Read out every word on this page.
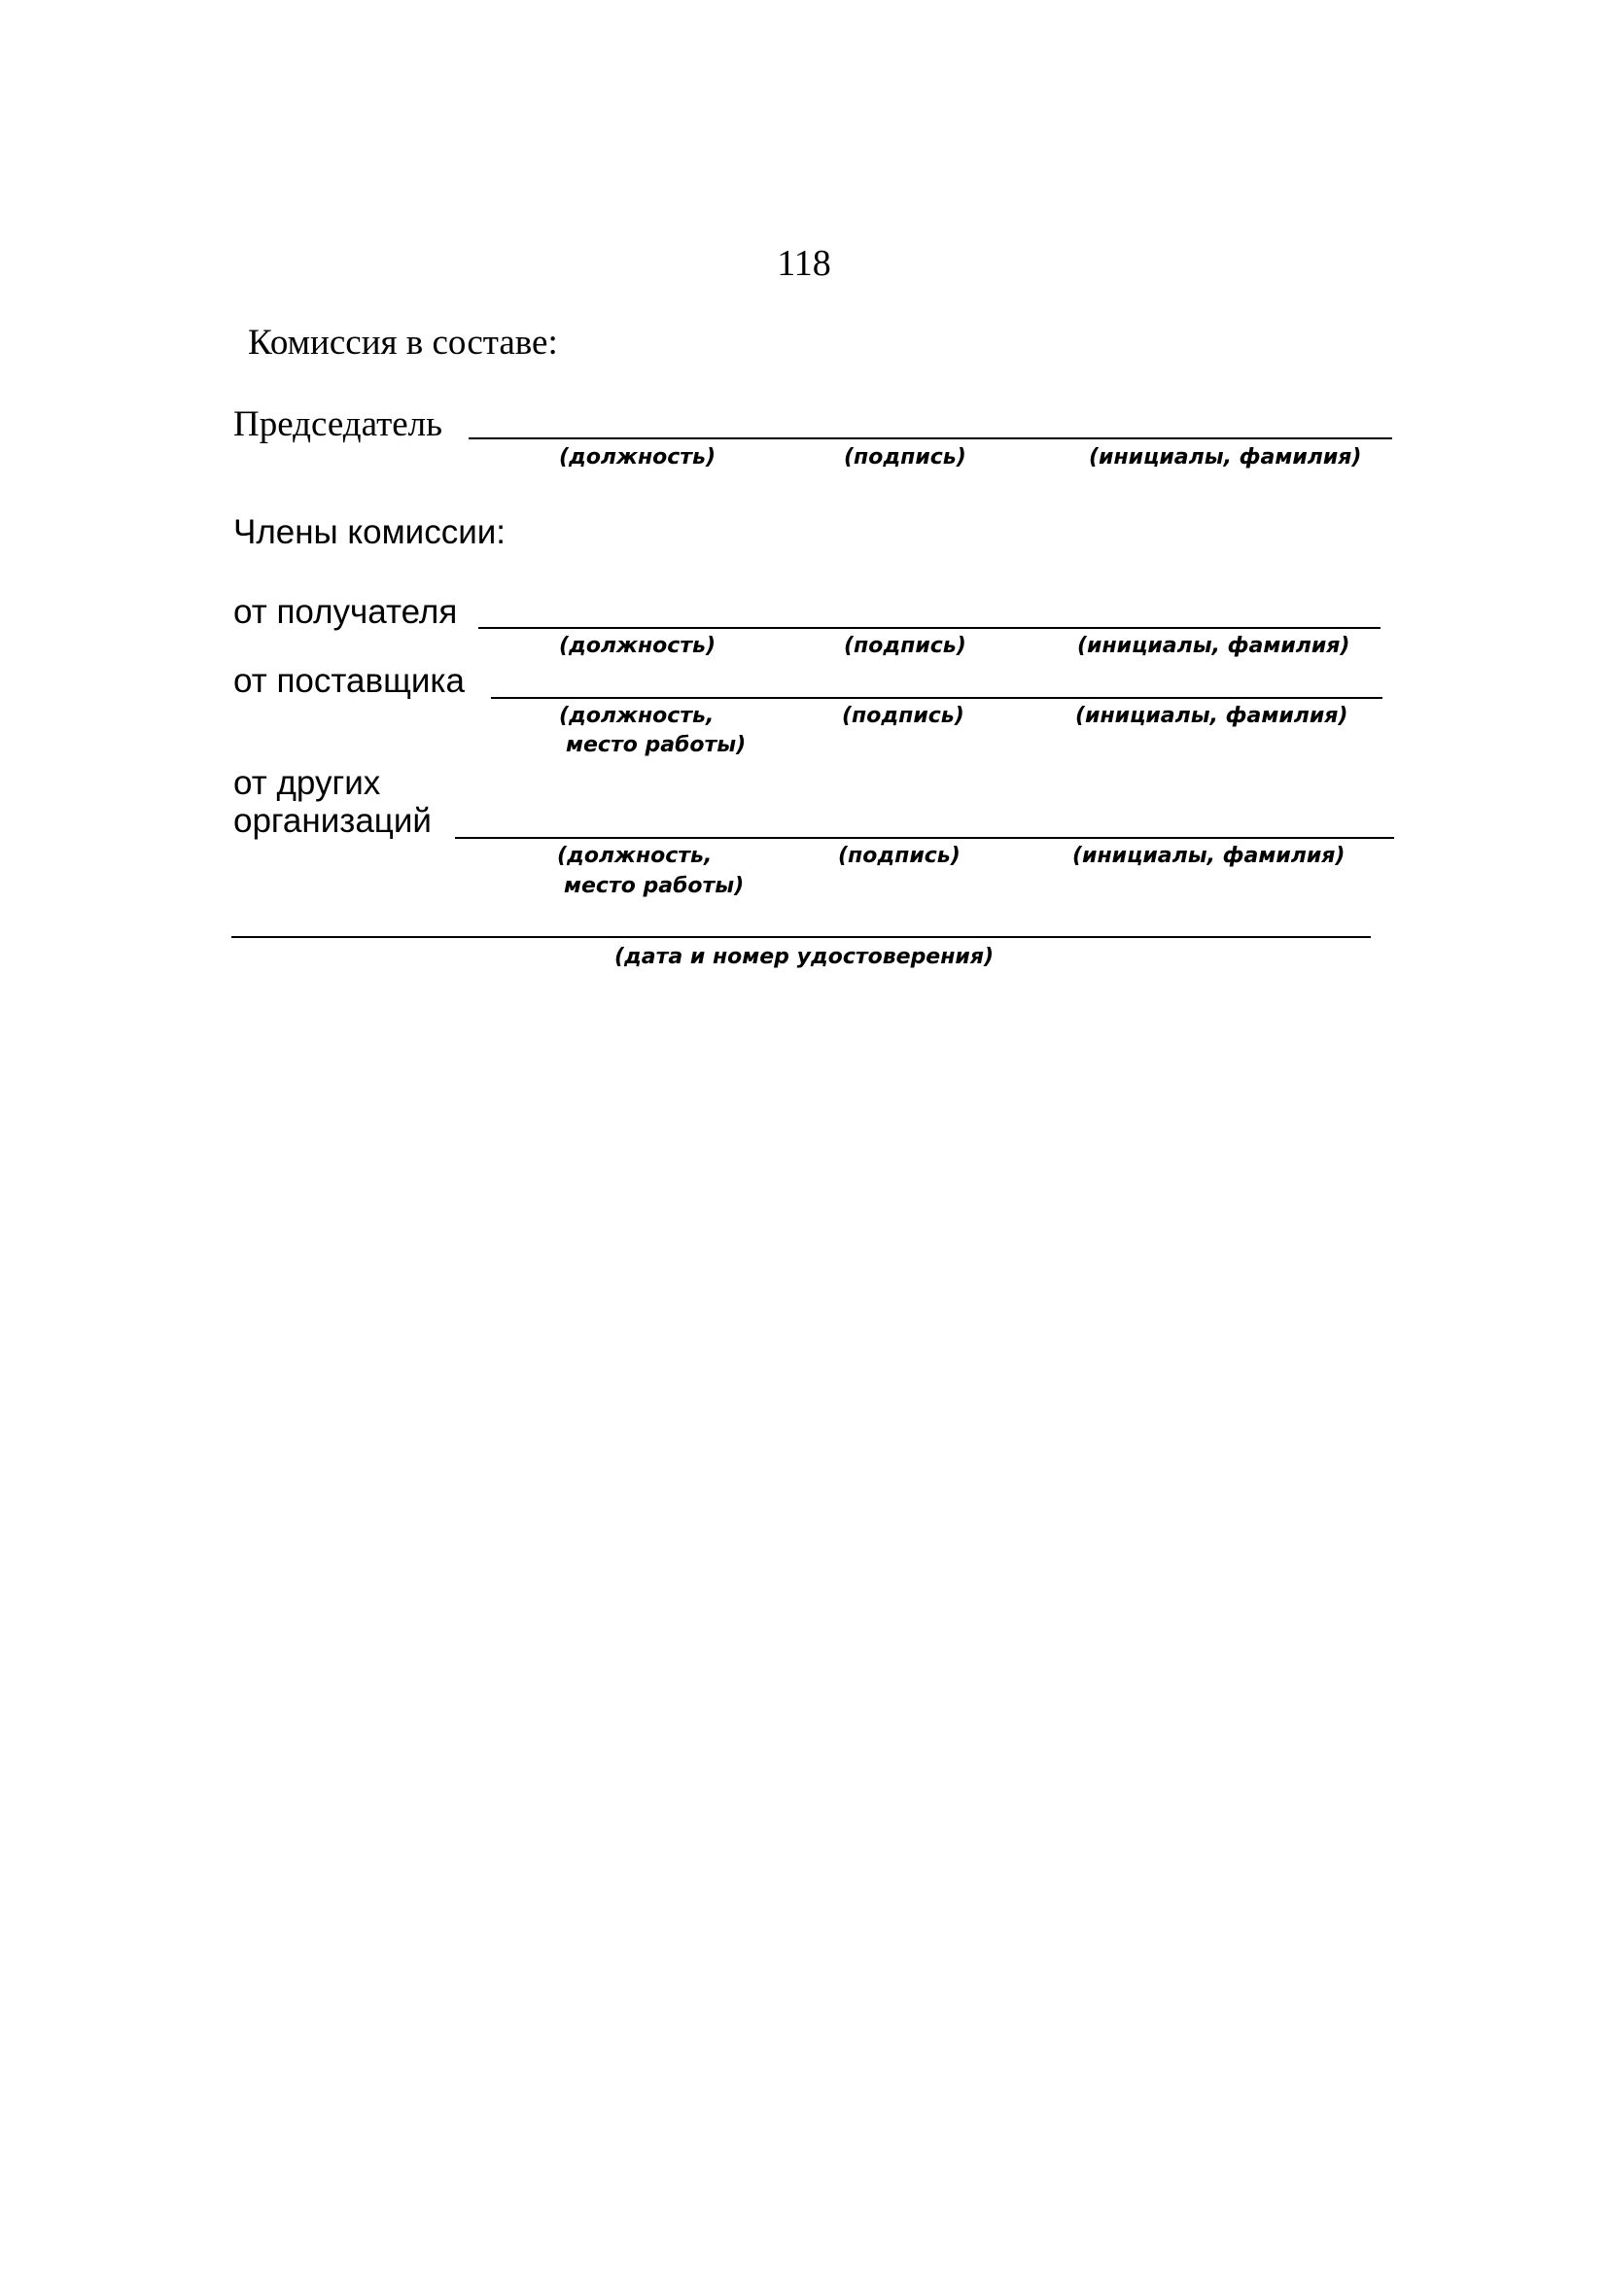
118
Комиссия в составе:
Председатель
(должность)	(подпись)	(инициалы, фамилия)
Члены комиссии:
от получателя
(должность)	(подпись)	(инициалы, фамилия)
от поставщика
(должность,
место работы)
(подпись)	(инициалы, фамилия)
от других
организаций
(должность,
место работы)
(подпись)	(инициалы, фамилия)
(дата и номер удостоверения)
